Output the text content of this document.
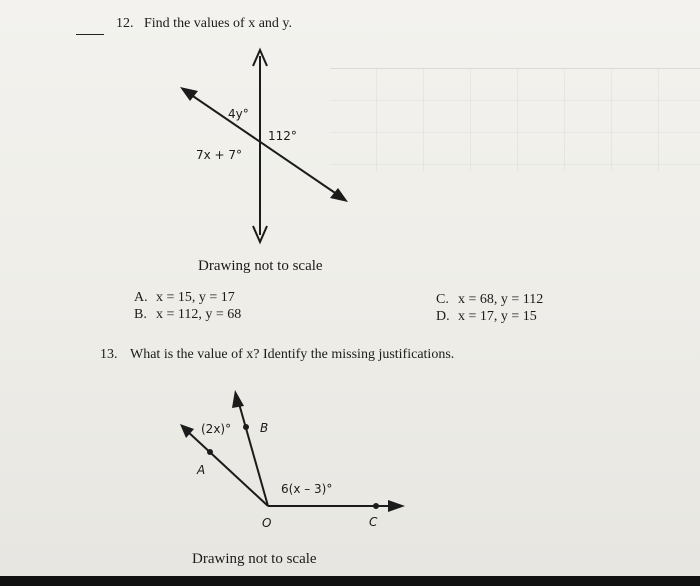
12. Find the values of x and y.
4y°
112°
7x + 7°
(2x)° B
A
6(x – 3)°
O	C
Drawing not to scale
A. x = 15, y = 17
B. x = 112, y = 68
C. x = 68, y = 112
D. x = 17, y = 15
13. What is the value of x? Identify the missing justifications.
Drawing not to scale
